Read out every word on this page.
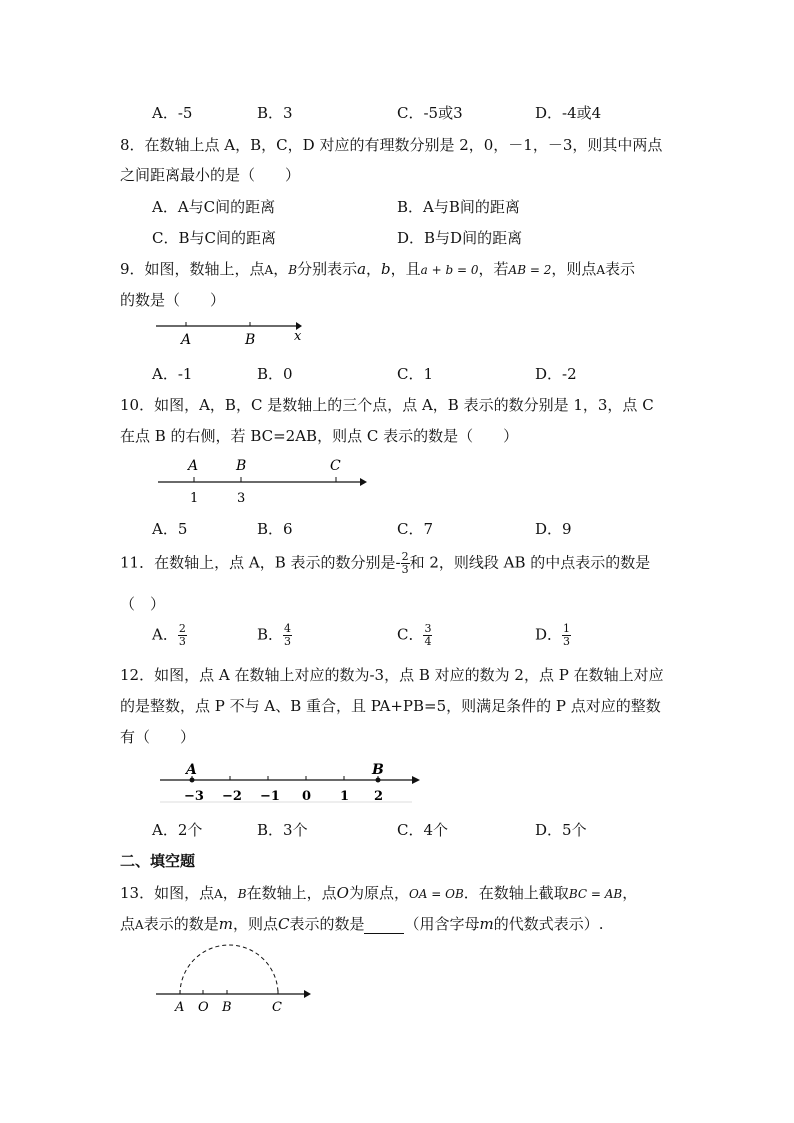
A．-5	B．3	C．-5或3	D．-4或4
8．在数轴上点 A，B，C，D 对应的有理数分别是 2，0，－1，－3，则其中两点
之间距离最小的是（　　）
A．A与C间的距离	B．A与B间的距离
C．B与C间的距离	D．B与D间的距离
9．如图，数轴上，点A，B分别表示a，b，且a + b = 0，若AB = 2，则点A表示
的数是（　　）
A	B	x
A．-1	B．0	C．1	D．-2
10．如图，A，B，C 是数轴上的三个点，点 A，B 表示的数分别是 1，3，点 C
在点 B 的右侧，若 BC=2AB，则点 C 表示的数是（　　）
A	B	C
1	3
A．5	B．6	C．7	D．9
11．在数轴上，点 A，B 表示的数分别是- $\frac{2}{3}$ 和 2，则线段 AB 的中点表示的数是
（　）
A． $\frac{2}{3}$	B． $\frac{4}{3}$	C． $\frac{3}{4}$	D． $\frac{1}{3}$
12．如图，点 A 在数轴上对应的数为-3，点 B 对应的数为 2，点 P 在数轴上对应
的是整数，点 P 不与 A、B 重合，且 PA+PB=5，则满足条件的 P 点对应的整数
有（　　）
A	B
−3 −2 −1 0 1 2
A．2个	B．3个	C．4个	D．5个
二、填空题
13．如图，点A，B在数轴上，点O为原点，OA = OB．在数轴上截取BC = AB，
点A表示的数是m，则点C表示的数是	（用含字母m的代数式表示）.
A O B	C
